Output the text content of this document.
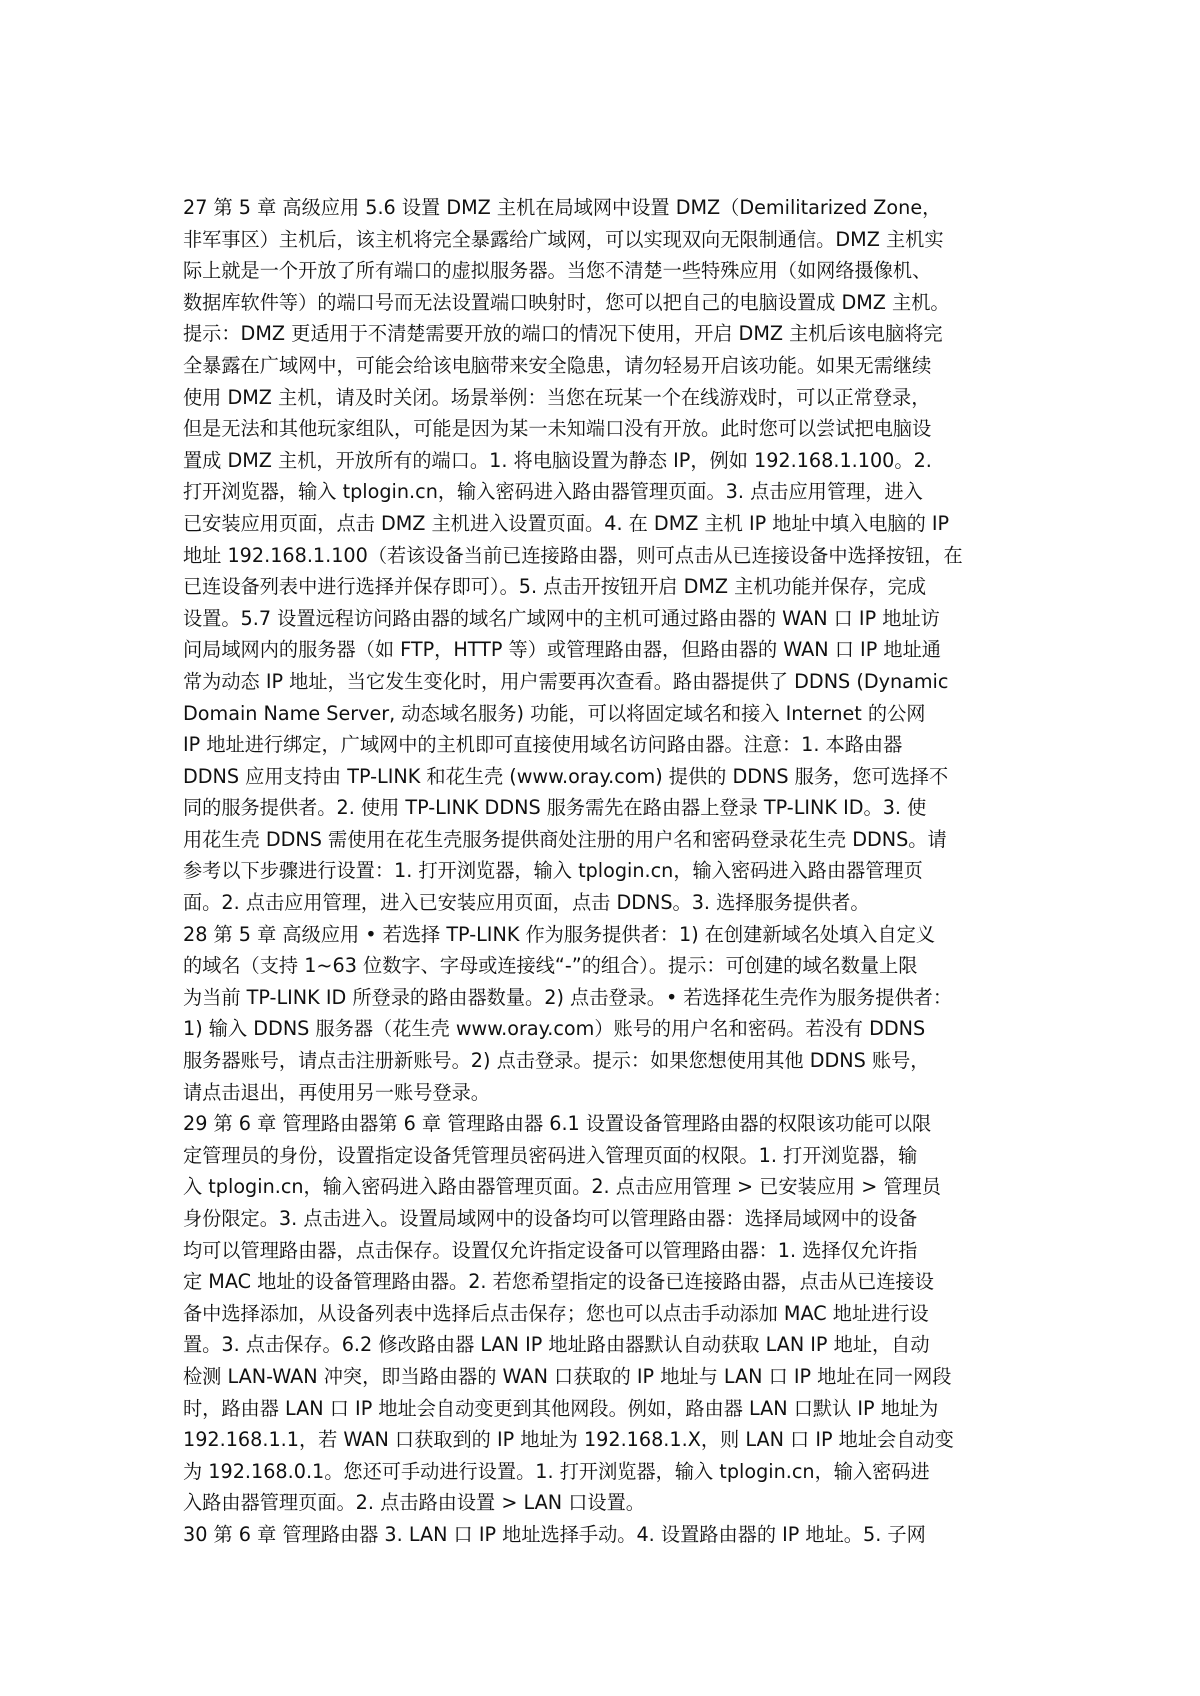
27 第 5 章 高级应用 5.6 设置 DMZ 主机在局域网中设置 DMZ（Demilitarized Zone，
非军事区）主机后，该主机将完全暴露给广域网，可以实现双向无限制通信。DMZ 主机实
际上就是一个开放了所有端口的虚拟服务器。当您不清楚一些特殊应用（如网络摄像机、
数据库软件等）的端口号而无法设置端口映射时，您可以把自己的电脑设置成 DMZ 主机。
提示：DMZ 更适用于不清楚需要开放的端口的情况下使用，开启 DMZ 主机后该电脑将完
全暴露在广域网中，可能会给该电脑带来安全隐患，请勿轻易开启该功能。如果无需继续
使用 DMZ 主机，请及时关闭。场景举例：当您在玩某一个在线游戏时，可以正常登录，
但是无法和其他玩家组队，可能是因为某一未知端口没有开放。此时您可以尝试把电脑设
置成 DMZ 主机，开放所有的端口。1. 将电脑设置为静态 IP，例如 192.168.1.100。2.
打开浏览器，输入 tplogin.cn，输入密码进入路由器管理页面。3. 点击应用管理，进入
已安装应用页面，点击 DMZ 主机进入设置页面。4. 在 DMZ 主机 IP 地址中填入电脑的 IP
地址 192.168.1.100（若该设备当前已连接路由器，则可点击从已连接设备中选择按钮，在
已连设备列表中进行选择并保存即可）。5. 点击开按钮开启 DMZ 主机功能并保存，完成
设置。5.7 设置远程访问路由器的域名广域网中的主机可通过路由器的 WAN 口 IP 地址访
问局域网内的服务器（如 FTP，HTTP 等）或管理路由器，但路由器的 WAN 口 IP 地址通
常为动态 IP 地址，当它发生变化时，用户需要再次查看。路由器提供了 DDNS (Dynamic
Domain Name Server, 动态域名服务) 功能，可以将固定域名和接入 Internet 的公网
IP 地址进行绑定，广域网中的主机即可直接使用域名访问路由器。注意：1. 本路由器
DDNS 应用支持由 TP-LINK 和花生壳 (www.oray.com) 提供的 DDNS 服务，您可选择不
同的服务提供者。2. 使用 TP-LINK DDNS 服务需先在路由器上登录 TP-LINK ID。3. 使
用花生壳 DDNS 需使用在花生壳服务提供商处注册的用户名和密码登录花生壳 DDNS。请
参考以下步骤进行设置：1. 打开浏览器，输入 tplogin.cn，输入密码进入路由器管理页
面。2. 点击应用管理，进入已安装应用页面，点击 DDNS。3. 选择服务提供者。
28 第 5 章 高级应用 • 若选择 TP-LINK 作为服务提供者：1) 在创建新域名处填入自定义
的域名（支持 1~63 位数字、字母或连接线“-”的组合）。提示：可创建的域名数量上限
为当前 TP-LINK ID 所登录的路由器数量。2) 点击登录。• 若选择花生壳作为服务提供者：
1) 输入 DDNS 服务器（花生壳 www.oray.com）账号的用户名和密码。若没有 DDNS
服务器账号，请点击注册新账号。2) 点击登录。提示：如果您想使用其他 DDNS 账号，
请点击退出，再使用另一账号登录。
29 第 6 章 管理路由器第 6 章 管理路由器 6.1 设置设备管理路由器的权限该功能可以限
定管理员的身份，设置指定设备凭管理员密码进入管理页面的权限。1. 打开浏览器，输
入 tplogin.cn，输入密码进入路由器管理页面。2. 点击应用管理 > 已安装应用 > 管理员
身份限定。3. 点击进入。设置局域网中的设备均可以管理路由器：选择局域网中的设备
均可以管理路由器，点击保存。设置仅允许指定设备可以管理路由器：1. 选择仅允许指
定 MAC 地址的设备管理路由器。2. 若您希望指定的设备已连接路由器，点击从已连接设
备中选择添加，从设备列表中选择后点击保存；您也可以点击手动添加 MAC 地址进行设
置。3. 点击保存。6.2 修改路由器 LAN IP 地址路由器默认自动获取 LAN IP 地址，自动
检测 LAN-WAN 冲突，即当路由器的 WAN 口获取的 IP 地址与 LAN 口 IP 地址在同一网段
时，路由器 LAN 口 IP 地址会自动变更到其他网段。例如，路由器 LAN 口默认 IP 地址为
192.168.1.1，若 WAN 口获取到的 IP 地址为 192.168.1.X，则 LAN 口 IP 地址会自动变
为 192.168.0.1。您还可手动进行设置。1. 打开浏览器，输入 tplogin.cn，输入密码进
入路由器管理页面。2. 点击路由设置 > LAN 口设置。
30 第 6 章 管理路由器 3. LAN 口 IP 地址选择手动。4. 设置路由器的 IP 地址。5. 子网
